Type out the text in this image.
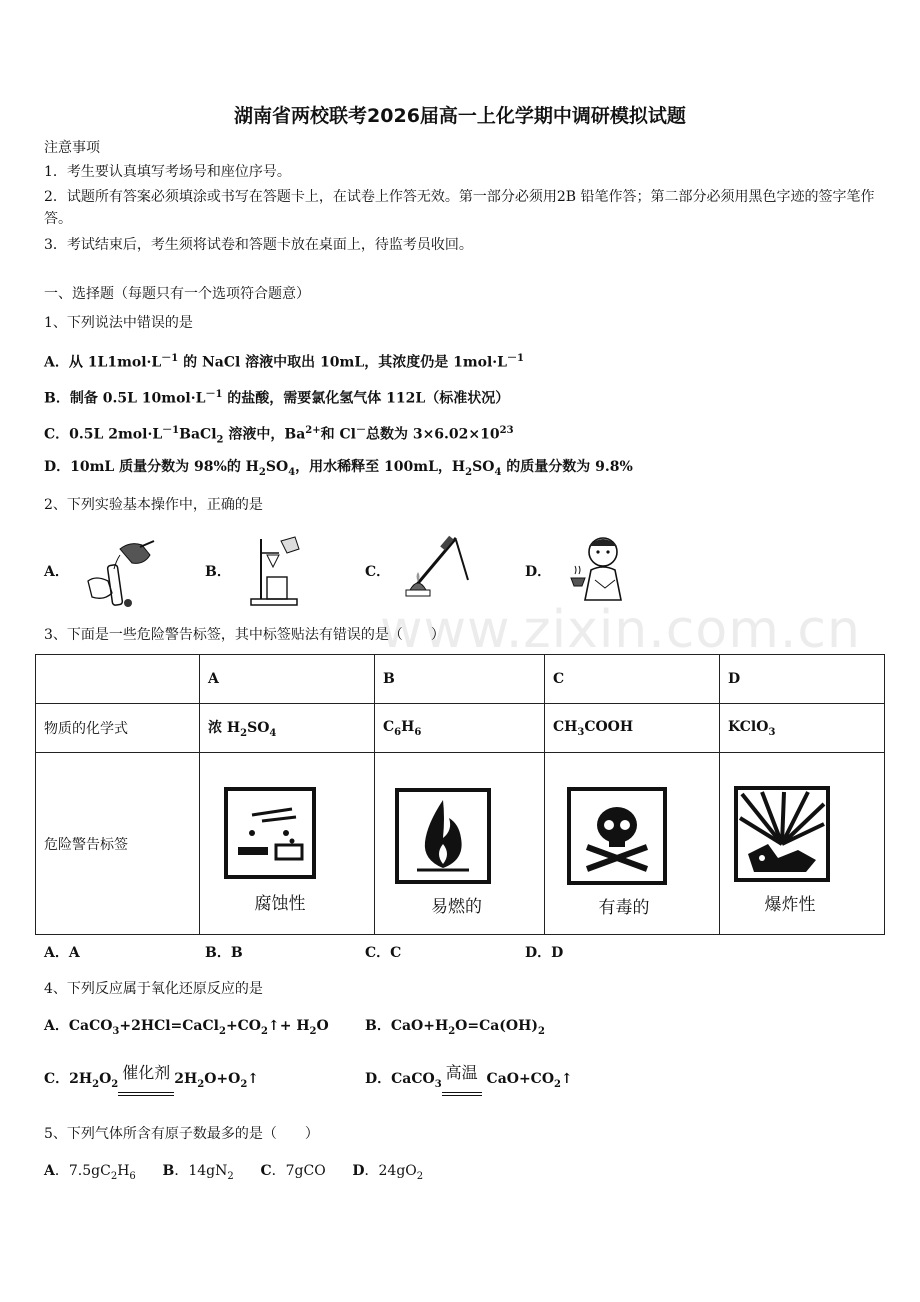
www.zixin.com.cn
湖南省两校联考2026届高一上化学期中调研模拟试题
注意事项
1．考生要认真填写考场号和座位序号。
2．试题所有答案必须填涂或书写在答题卡上，在试卷上作答无效。第一部分必须用2B 铅笔作答；第二部分必须用黑色字迹的签字笔作答。
3．考试结束后，考生须将试卷和答题卡放在桌面上，待监考员收回。
一、选择题（每题只有一个选项符合题意）
1、下列说法中错误的是
A．从 $1L1mol\cdot L^{-1}$ 的 NaCl 溶液中取出 10mL，其浓度仍是 $1mol\cdot L^{-1}$
B．制备 0.5L $10mol\cdot L^{-1}$ 的盐酸，需要氯化氢气体 112L（标准状况）
C．0.5L $2mol\cdot L^{-1}BaCl_2$ 溶液中，$Ba^{2+}$和 Cl－总数为 $3\times 6.02\times 10^{23}$
D．10mL 质量分数为 98%的 $H_2SO_4$，用水稀释至 100mL，$H_2SO_4$ 的质量分数为 9.8%
2、下列实验基本操作中，正确的是
A．	B．	C．	D．
3、下面是一些危险警告标签，其中标签贴法有错误的是（　　）
	A	B	C	D
物质的化学式	浓 $H_2SO_4$	$C_6H_6$	$CH_3COOH$	KClO$_3$
危险警告标签	腐蚀性	易燃的	有毒的	爆炸性
A．A	B．B	C．C	D．D
4、下列反应属于氧化还原反应的是
A．$CaCO_3+2HCl=CaCl_2+CO_2↑+ H_2O$	B．$CaO+H_2O=Ca(OH)_2$
C．$2H_2O_2$
催化剂 $2H_2O+O_2↑$	D．CaCO$_3$
高温 $CaO+CO_2↑$
5、下列气体所含有原子数最多的是（　　）
A．$7.5gC_2H_6$ B．$14gN_2$ C．7gCO D．$24gO_2$
